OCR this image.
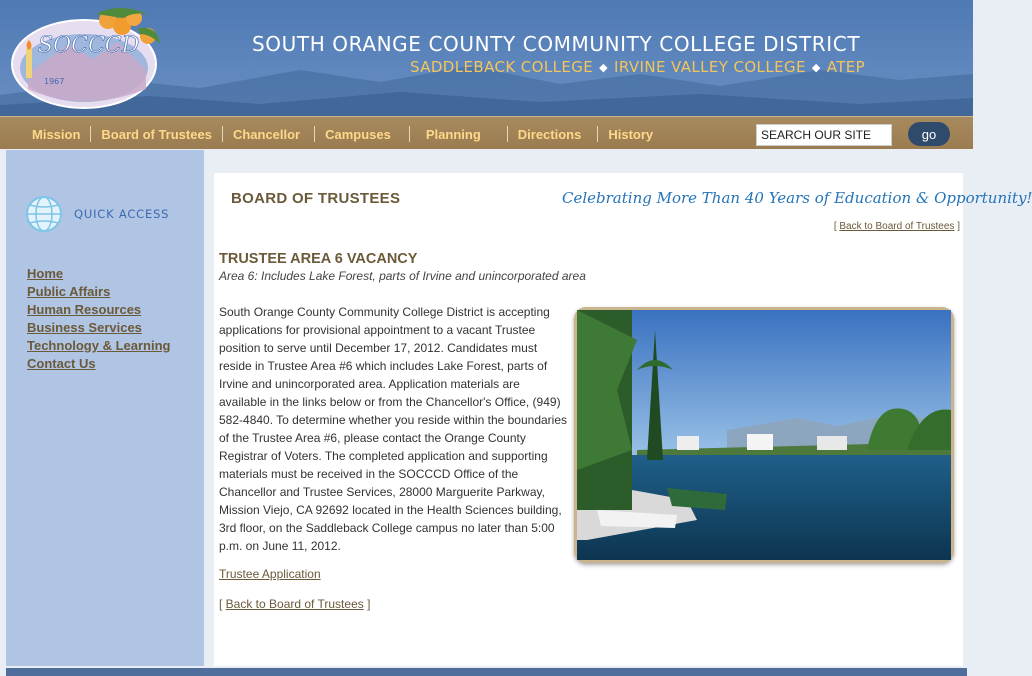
SOCCCD
1967
SOUTH ORANGE COUNTY COMMUNITY COLLEGE DISTRICT
SADDLEBACK COLLEGE ◆ IRVINE VALLEY COLLEGE ◆ ATEP
Mission	Board of Trustees	Chancellor	Campuses	Planning	Directions	History
SEARCH OUR SITE	go
QUICK ACCESS
Home
Public Affairs
Human Resources
Business Services
Technology & Learning
Contact Us
BOARD OF TRUSTEES	Celebrating More Than 40 Years of Education & Opportunity!
[ Back to Board of Trustees ]
TRUSTEE AREA 6 VACANCY
Area 6: Includes Lake Forest, parts of Irvine and unincorporated area

South Orange County Community College District is accepting applications for provisional appointment to a vacant Trustee position to serve until December 17, 2012. Candidates must reside in Trustee Area #6 which includes Lake Forest, parts of Irvine and unincorporated area. Application materials are available in the links below or from the Chancellor's Office, (949) 582-4840. To determine whether you reside within the boundaries of the Trustee Area #6, please contact the Orange County Registrar of Voters. The completed application and supporting materials must be received in the SOCCCD Office of the Chancellor and Trustee Services, 28000 Marguerite Parkway, Mission Viejo, CA 92692 located in the Health Sciences building, 3rd floor, on the Saddleback College campus no later than 5:00 p.m. on June 11, 2012.

Trustee Application
[ Back to Board of Trustees ]
